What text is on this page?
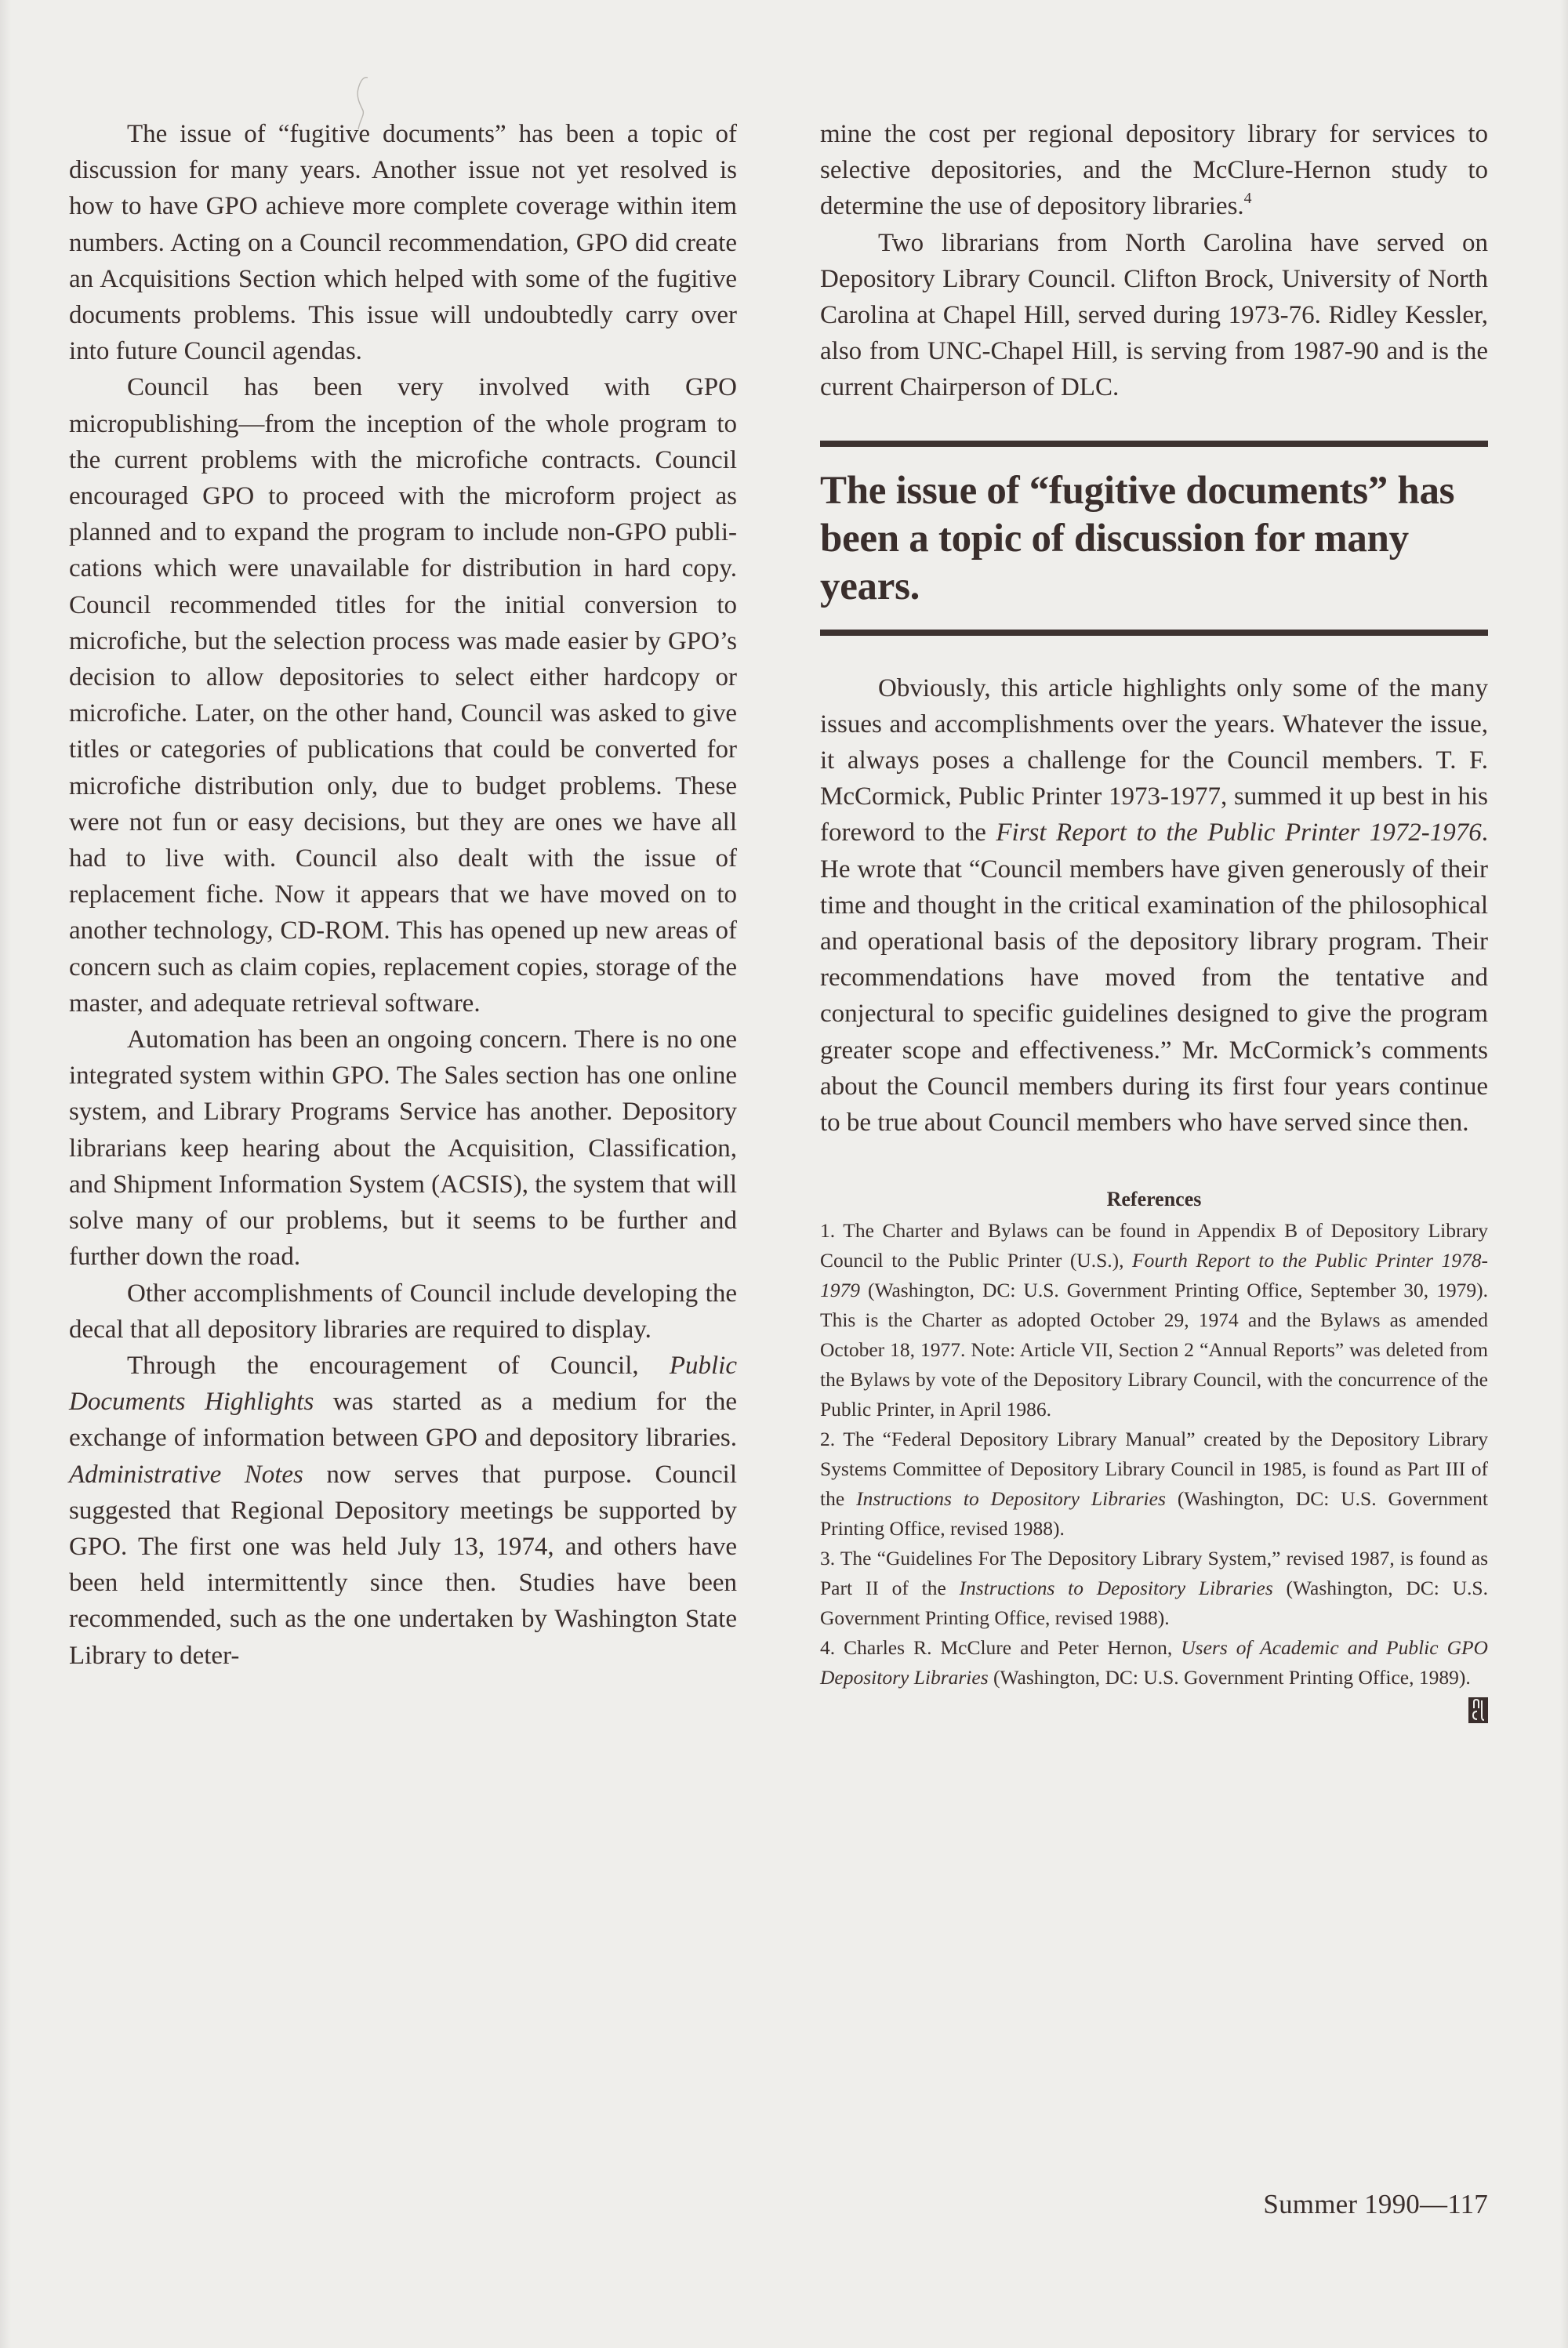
The issue of “fugitive documents” has been a topic of discussion for many years. Another issue not yet resolved is how to have GPO achieve more complete coverage within item numbers. Acting on a Council recommendation, GPO did create an Acquisitions Section which helped with some of the fugitive documents problems. This issue will undoubtedly carry over into future Council agendas.

Council has been very involved with GPO micropublishing—from the inception of the whole program to the current problems with the microfiche contracts. Council encouraged GPO to proceed with the microform project as planned and to expand the program to include non-GPO publications which were unavailable for distribution in hard copy. Council recommended titles for the initial conversion to microfiche, but the selection process was made easier by GPO’s decision to allow depositories to select either hardcopy or microfiche. Later, on the other hand, Council was asked to give titles or categories of publications that could be converted for microfiche distribution only, due to budget problems. These were not fun or easy decisions, but they are ones we have all had to live with. Council also dealt with the issue of replacement fiche. Now it appears that we have moved on to another technology, CD-ROM. This has opened up new areas of concern such as claim copies, replacement copies, storage of the master, and adequate retrieval software.

Automation has been an ongoing concern. There is no one integrated system within GPO. The Sales section has one online system, and Library Programs Service has another. Depository librarians keep hearing about the Acquisition, Classification, and Shipment Information System (ACSIS), the system that will solve many of our problems, but it seems to be further and further down the road.

Other accomplishments of Council include developing the decal that all depository libraries are required to display.

Through the encouragement of Council, Public Documents Highlights was started as a medium for the exchange of information between GPO and depository libraries. Administrative Notes now serves that purpose. Council suggested that Regional Depository meetings be supported by GPO. The first one was held July 13, 1974, and others have been held intermittently since then. Studies have been recommended, such as the one undertaken by Washington State Library to deter-

mine the cost per regional depository library for services to selective depositories, and the McClure-Hernon study to determine the use of depository libraries.$^4$

Two librarians from North Carolina have served on Depository Library Council. Clifton Brock, University of North Carolina at Chapel Hill, served during 1973-76. Ridley Kessler, also from UNC-Chapel Hill, is serving from 1987-90 and is the current Chairperson of DLC.

The issue of “fugitive documents” has been a topic of discussion for many years.

Obviously, this article highlights only some of the many issues and accomplishments over the years. Whatever the issue, it always poses a challenge for the Council members. T. F. McCormick, Public Printer 1973-1977, summed it up best in his foreword to the First Report to the Public Printer 1972-1976. He wrote that “Council members have given generously of their time and thought in the critical examination of the philosophical and operational basis of the depository library program. Their recommendations have moved from the tentative and conjectural to specific guidelines designed to give the program greater scope and effectiveness.” Mr. McCormick’s comments about the Council members during its first four years continue to be true about Council members who have served since then.

References

1. The Charter and Bylaws can be found in Appendix B of Depository Library Council to the Public Printer (U.S.), Fourth Report to the Public Printer 1978-1979 (Washington, DC: U.S. Government Printing Office, September 30, 1979). This is the Charter as adopted October 29, 1974 and the Bylaws as amended October 18, 1977. Note: Article VII, Section 2 “Annual Reports” was deleted from the Bylaws by vote of the Depository Library Council, with the concurrence of the Public Printer, in April 1986.

2. The “Federal Depository Library Manual” created by the Depository Library Systems Committee of Depository Library Council in 1985, is found as Part III of the Instructions to Depository Libraries (Washington, DC: U.S. Government Printing Office, revised 1988).

3. The “Guidelines For The Depository Library System,” revised 1987, is found as Part II of the Instructions to Depository Libraries (Washington, DC: U.S. Government Printing Office, revised 1988).

4. Charles R. McClure and Peter Hernon, Users of Academic and Public GPO Depository Libraries (Washington, DC: U.S. Government Printing Office, 1989).

Summer 1990—117
